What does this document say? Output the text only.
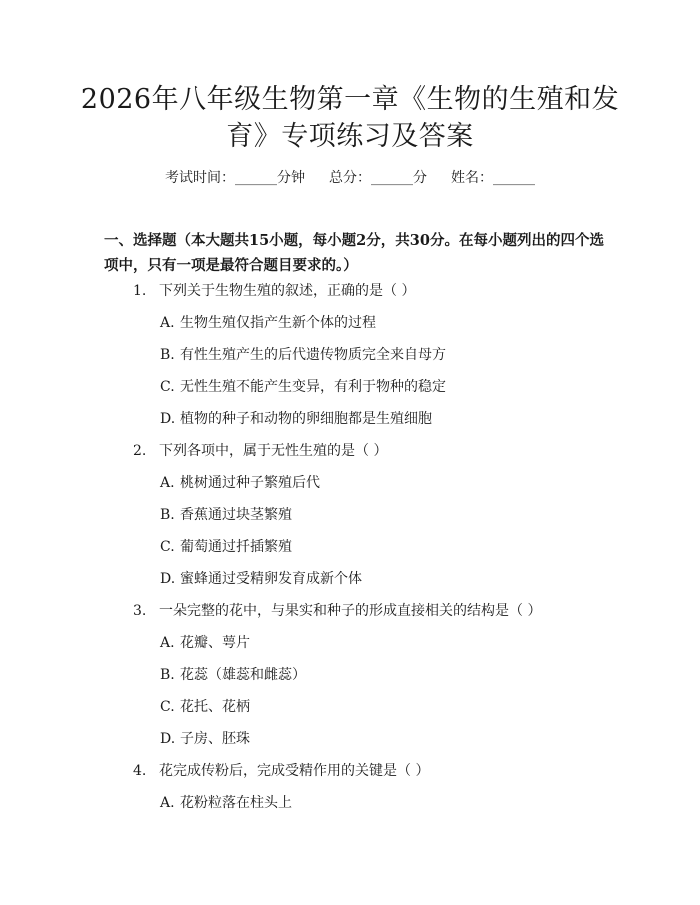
2026年八年级生物第一章《生物的生殖和发
育》专项练习及答案
考试时间：______分钟 总分：______分 姓名：______
一、选择题（本大题共15小题，每小题2分，共30分。在每小题列出的四个选
项中，只有一项是最符合题目要求的。）
1. 下列关于生物生殖的叙述，正确的是（ ）
A. 生物生殖仅指产生新个体的过程
B. 有性生殖产生的后代遗传物质完全来自母方
C. 无性生殖不能产生变异，有利于物种的稳定
D. 植物的种子和动物的卵细胞都是生殖细胞
2. 下列各项中，属于无性生殖的是（ ）
A. 桃树通过种子繁殖后代
B. 香蕉通过块茎繁殖
C. 葡萄通过扦插繁殖
D. 蜜蜂通过受精卵发育成新个体
3. 一朵完整的花中，与果实和种子的形成直接相关的结构是（ ）
A. 花瓣、萼片
B. 花蕊（雄蕊和雌蕊）
C. 花托、花柄
D. 子房、胚珠
4. 花完成传粉后，完成受精作用的关键是（ ）
A. 花粉粒落在柱头上
